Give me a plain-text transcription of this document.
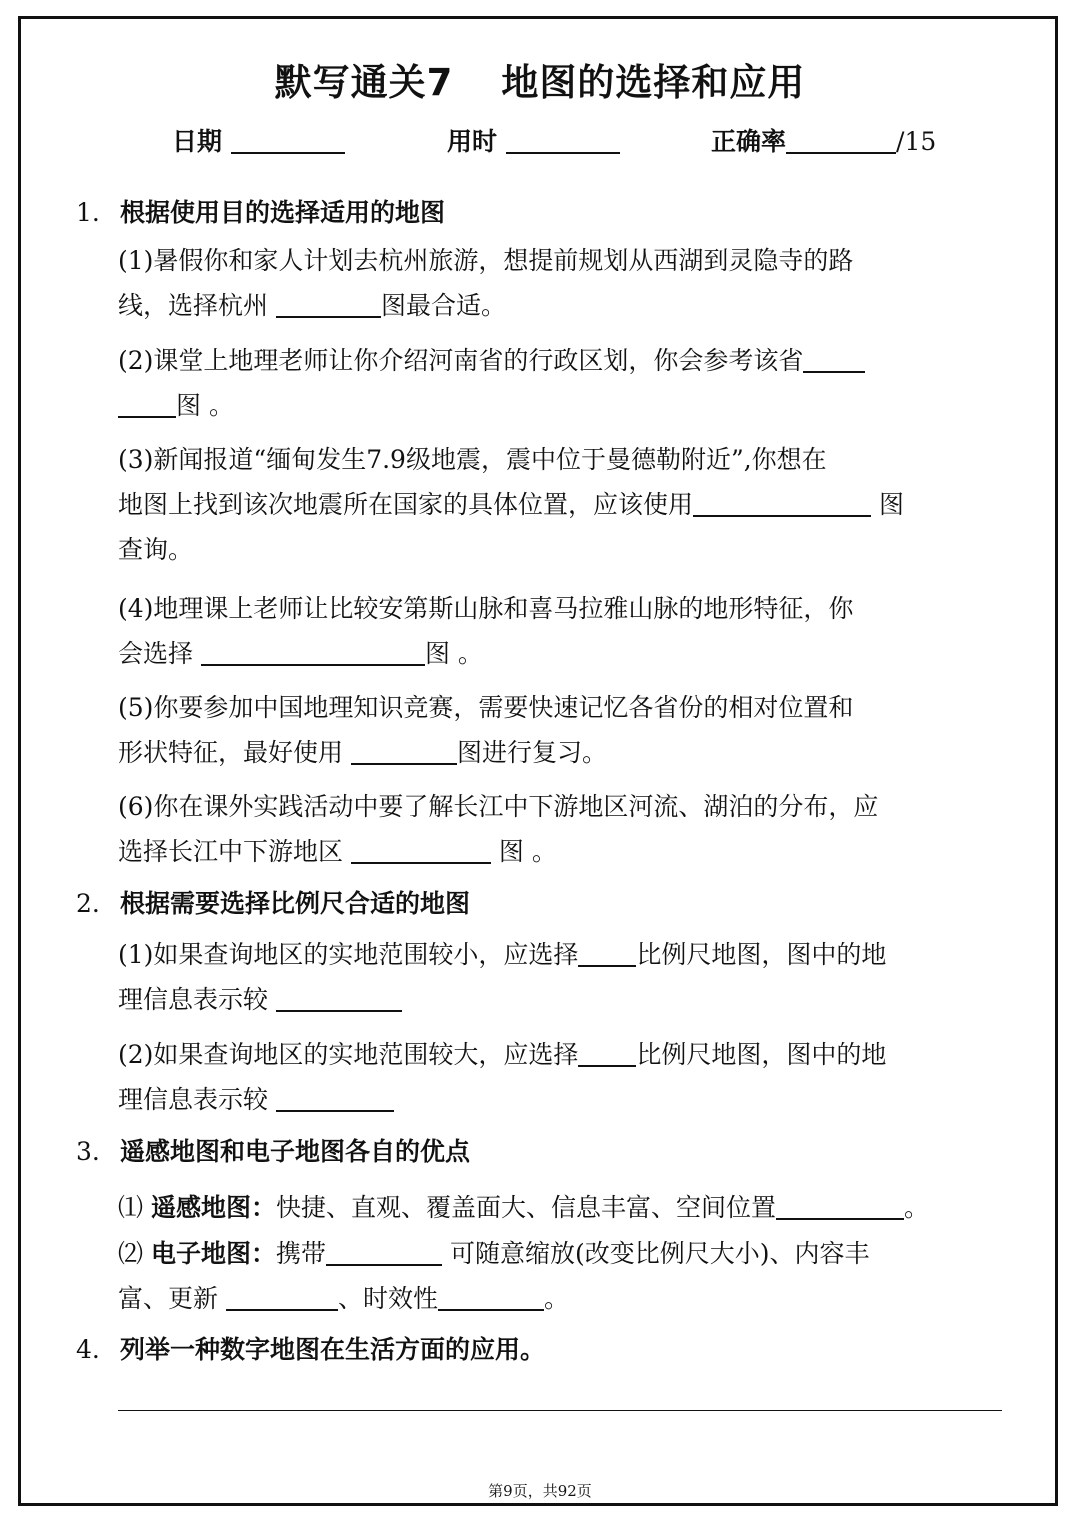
默写通关7 地图的选择和应用
日期	用时	正确率	/15
1. 根据使用目的选择适用的地图
(1)暑假你和家人计划去杭州旅游，想提前规划从西湖到灵隐寺的路
线，选择杭州	图最合适。
(2)课堂上地理老师让你介绍河南省的行政区划，你会参考该省
图 。
(3)新闻报道“缅甸发生7.9级地震，震中位于曼德勒附近”,你想在
地图上找到该次地震所在国家的具体位置，应该使用	图
查询。
(4)地理课上老师让比较安第斯山脉和喜马拉雅山脉的地形特征，你
会选择	图 。
(5)你要参加中国地理知识竞赛，需要快速记忆各省份的相对位置和
形状特征，最好使用	图进行复习。
(6)你在课外实践活动中要了解长江中下游地区河流、湖泊的分布，应
选择长江中下游地区	图 。
2. 根据需要选择比例尺合适的地图
(1)如果查询地区的实地范围较小，应选择 比例尺地图，图中的地
理信息表示较
(2)如果查询地区的实地范围较大，应选择 比例尺地图，图中的地
理信息表示较
3. 遥感地图和电子地图各自的优点
⑴ 遥感地图：快捷、直观、覆盖面大、信息丰富、空间位置	。
⑵ 电子地图：携带	可随意缩放(改变比例尺大小)、内容丰
富、更新	、时效性	。
4. 列举一种数字地图在生活方面的应用。
第9页，共92页
